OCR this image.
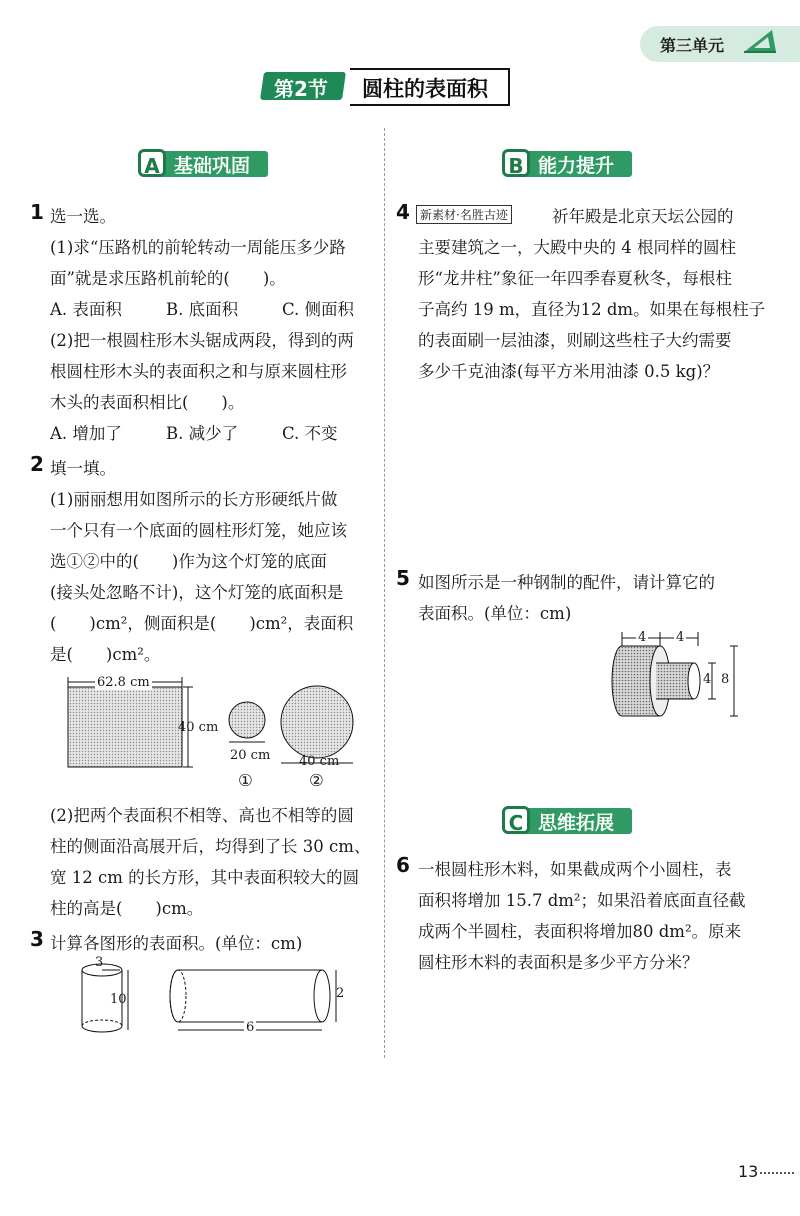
第三单元
第2节 圆柱的表面积
A 基础巩固
1 选一选。
(1)求“压路机的前轮转动一周能压多少路
面”就是求压路机前轮的(　　)。
A. 表面积	B. 底面积	C. 侧面积
(2)把一根圆柱形木头锯成两段，得到的两
根圆柱形木头的表面积之和与原来圆柱形
木头的表面积相比(　　)。
A. 增加了	B. 减少了	C. 不变
2 填一填。
(1)丽丽想用如图所示的长方形硬纸片做
一个只有一个底面的圆柱形灯笼，她应该
选①②中的(　　)作为这个灯笼的底面
(接头处忽略不计)，这个灯笼的底面积是
(　　)cm²，侧面积是(　　)cm²，表面积
是(　　)cm²。
62.8 cm
40 cm
20 cm 40 cm
①	②
(2)把两个表面积不相等、高也不相等的圆
柱的侧面沿高展开后，均得到了长 30 cm、
宽 12 cm 的长方形，其中表面积较大的圆
柱的高是(　　)cm。
3 计算各图形的表面积。(单位：cm)
3
10	2
6
B 能力提升
4 新素材·名胜古迹	祈年殿是北京天坛公园的
主要建筑之一，大殿中央的 4 根同样的圆柱
形“龙井柱”象征一年四季春夏秋冬，每根柱
子高约 19 m，直径为12 dm。如果在每根柱子
的表面刷一层油漆，则刷这些柱子大约需要
多少千克油漆(每平方米用油漆 0.5 kg)？
5 如图所示是一种钢制的配件，请计算它的
表面积。(单位：cm)
4 4
4 8
C 思维拓展
6 一根圆柱形木料，如果截成两个小圆柱，表
面积将增加 15.7 dm²；如果沿着底面直径截
成两个半圆柱，表面积将增加80 dm²。原来
圆柱形木料的表面积是多少平方分米？
13
